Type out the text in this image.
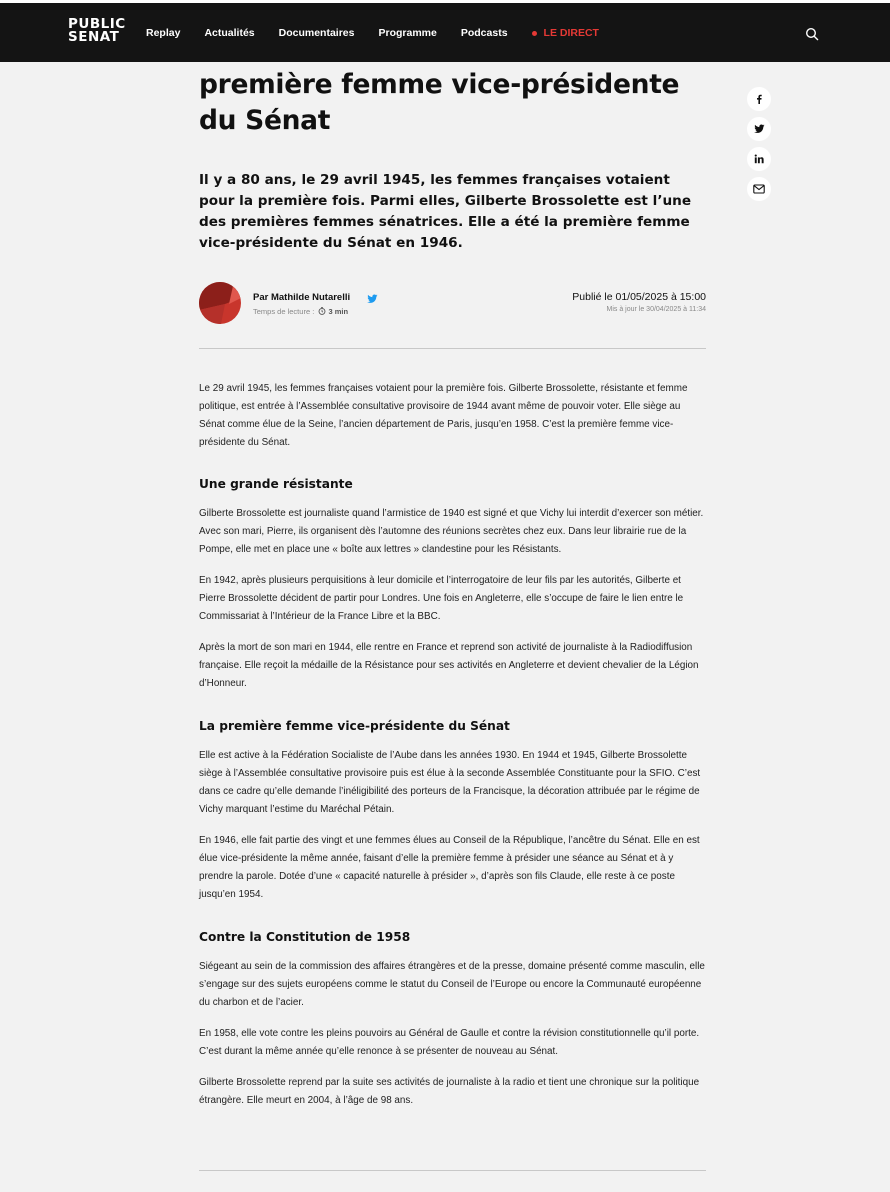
PUBLIC
SENAT	Replay Actualités Documentaires Programme Podcasts	LE DIRECT
première femme vice-présidente du Sénat

Il y a 80 ans, le 29 avril 1945, les femmes françaises votaient pour la première fois. Parmi elles, Gilberte Brossolette est l’une des premières femmes sénatrices. Elle a été la première femme vice-présidente du Sénat en 1946.

Par Mathilde Nutarelli
Temps de lecture : 3 min
Publié le 01/05/2025 à 15:00
Mis à jour le 30/04/2025 à 11:34

Le 29 avril 1945, les femmes françaises votaient pour la première fois. Gilberte Brossolette, résistante et femme politique, est entrée à l’Assemblée consultative provisoire de 1944 avant même de pouvoir voter. Elle siège au Sénat comme élue de la Seine, l’ancien département de Paris, jusqu’en 1958. C’est la première femme vice-présidente du Sénat.

Une grande résistante

Gilberte Brossolette est journaliste quand l’armistice de 1940 est signé et que Vichy lui interdit d’exercer son métier. Avec son mari, Pierre, ils organisent dès l’automne des réunions secrètes chez eux. Dans leur librairie rue de la Pompe, elle met en place une « boîte aux lettres » clandestine pour les Résistants.

En 1942, après plusieurs perquisitions à leur domicile et l’interrogatoire de leur fils par les autorités, Gilberte et Pierre Brossolette décident de partir pour Londres. Une fois en Angleterre, elle s’occupe de faire le lien entre le Commissariat à l’Intérieur de la France Libre et la BBC.

Après la mort de son mari en 1944, elle rentre en France et reprend son activité de journaliste à la Radiodiffusion française. Elle reçoit la médaille de la Résistance pour ses activités en Angleterre et devient chevalier de la Légion d’Honneur.

La première femme vice-présidente du Sénat

Elle est active à la Fédération Socialiste de l’Aube dans les années 1930. En 1944 et 1945, Gilberte Brossolette siège à l’Assemblée consultative provisoire puis est élue à la seconde Assemblée Constituante pour la SFIO. C’est dans ce cadre qu’elle demande l’inéligibilité des porteurs de la Francisque, la décoration attribuée par le régime de Vichy marquant l’estime du Maréchal Pétain.

En 1946, elle fait partie des vingt et une femmes élues au Conseil de la République, l’ancêtre du Sénat. Elle en est élue vice-présidente la même année, faisant d’elle la première femme à présider une séance au Sénat et à y prendre la parole. Dotée d’une « capacité naturelle à présider », d’après son fils Claude, elle reste à ce poste jusqu’en 1954.

Contre la Constitution de 1958

Siégeant au sein de la commission des affaires étrangères et de la presse, domaine présenté comme masculin, elle s’engage sur des sujets européens comme le statut du Conseil de l’Europe ou encore la Communauté européenne du charbon et de l’acier.

En 1958, elle vote contre les pleins pouvoirs au Général de Gaulle et contre la révision constitutionnelle qu’il porte. C’est durant la même année qu’elle renonce à se présenter de nouveau au Sénat.

Gilberte Brossolette reprend par la suite ses activités de journaliste à la radio et tient une chronique sur la politique étrangère. Elle meurt en 2004, à l’âge de 98 ans.
